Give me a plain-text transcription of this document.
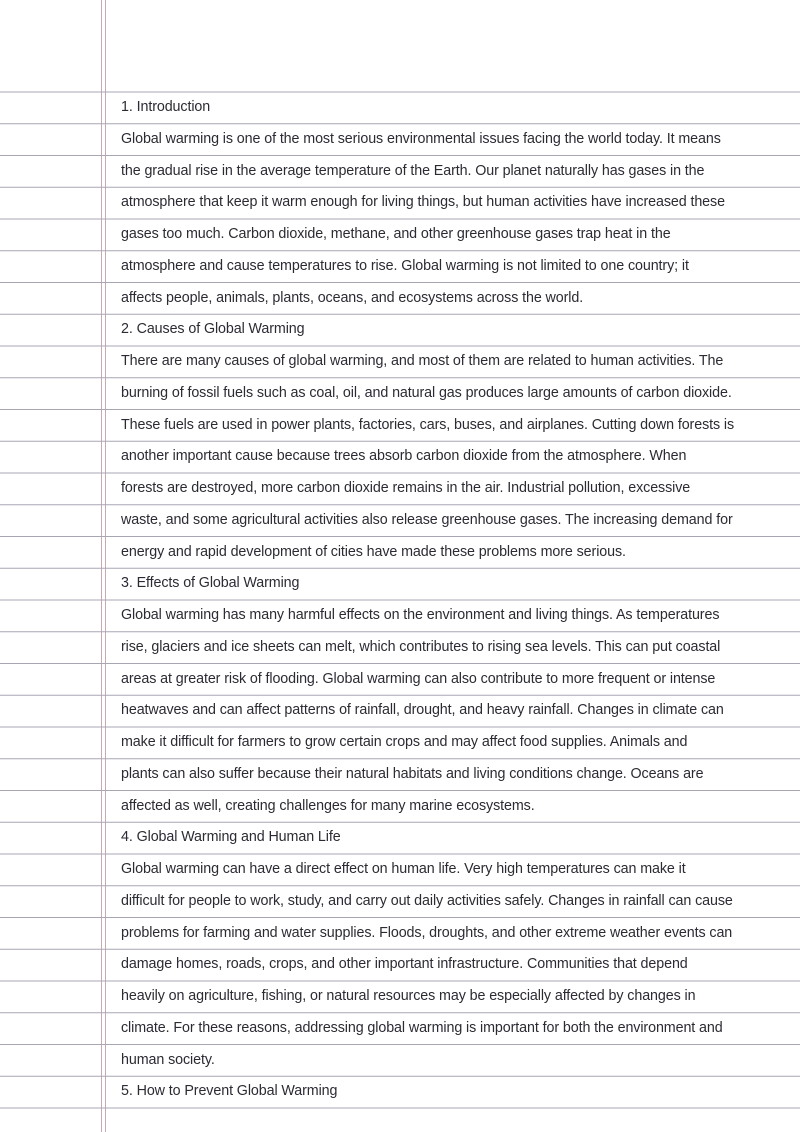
1. Introduction
Global warming is one of the most serious environmental issues facing the world today. It means
the gradual rise in the average temperature of the Earth. Our planet naturally has gases in the
atmosphere that keep it warm enough for living things, but human activities have increased these
gases too much. Carbon dioxide, methane, and other greenhouse gases trap heat in the
atmosphere and cause temperatures to rise. Global warming is not limited to one country; it
affects people, animals, plants, oceans, and ecosystems across the world.
2. Causes of Global Warming
There are many causes of global warming, and most of them are related to human activities. The
burning of fossil fuels such as coal, oil, and natural gas produces large amounts of carbon dioxide.
These fuels are used in power plants, factories, cars, buses, and airplanes. Cutting down forests is
another important cause because trees absorb carbon dioxide from the atmosphere. When
forests are destroyed, more carbon dioxide remains in the air. Industrial pollution, excessive
waste, and some agricultural activities also release greenhouse gases. The increasing demand for
energy and rapid development of cities have made these problems more serious.
3. Effects of Global Warming
Global warming has many harmful effects on the environment and living things. As temperatures
rise, glaciers and ice sheets can melt, which contributes to rising sea levels. This can put coastal
areas at greater risk of flooding. Global warming can also contribute to more frequent or intense
heatwaves and can affect patterns of rainfall, drought, and heavy rainfall. Changes in climate can
make it difficult for farmers to grow certain crops and may affect food supplies. Animals and
plants can also suffer because their natural habitats and living conditions change. Oceans are
affected as well, creating challenges for many marine ecosystems.
4. Global Warming and Human Life
Global warming can have a direct effect on human life. Very high temperatures can make it
difficult for people to work, study, and carry out daily activities safely. Changes in rainfall can cause
problems for farming and water supplies. Floods, droughts, and other extreme weather events can
damage homes, roads, crops, and other important infrastructure. Communities that depend
heavily on agriculture, fishing, or natural resources may be especially affected by changes in
climate. For these reasons, addressing global warming is important for both the environment and
human society.
5. How to Prevent Global Warming
